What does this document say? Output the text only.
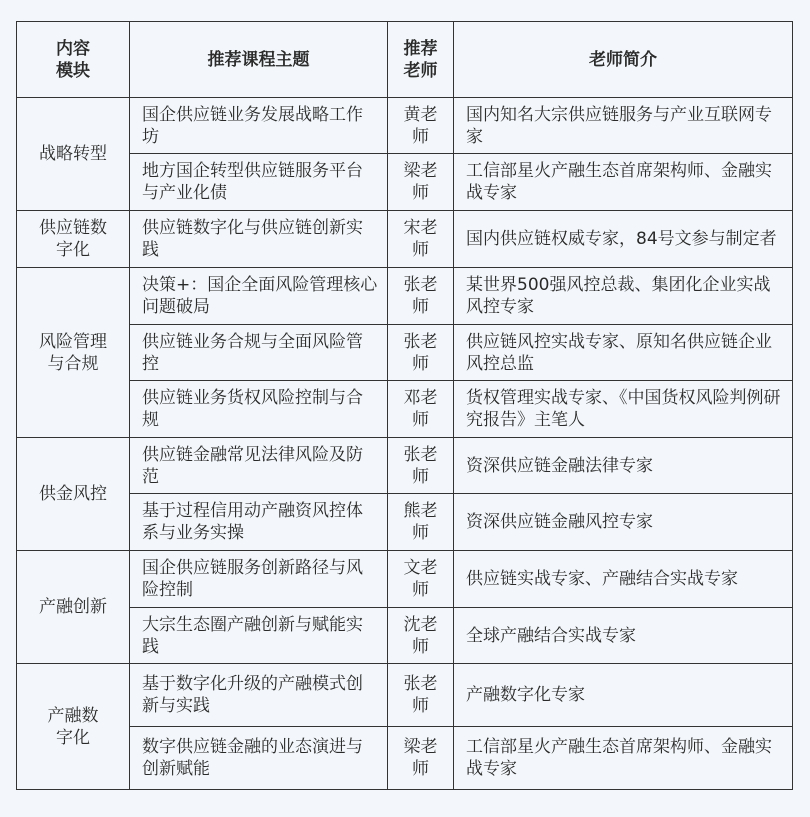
内容模块	推荐课程主题	推荐老师	老师简介
战略转型	国企供应链业务发展战略工作坊	黄老师	国内知名大宗供应链服务与产业互联网专家
	地方国企转型供应链服务平台与产业化债	梁老师	工信部星火产融生态首席架构师、金融实战专家
供应链数字化	供应链数字化与供应链创新实践	宋老师	国内供应链权威专家，84号文参与制定者
风险管理与合规	决策+：国企全面风险管理核心问题破局	张老师	某世界500强风控总裁、集团化企业实战风控专家
	供应链业务合规与全面风险管控	张老师	供应链风控实战专家、原知名供应链企业风控总监
	供应链业务货权风险控制与合规	邓老师	货权管理实战专家、《中国货权风险判例研究报告》主笔人
供金风控	供应链金融常见法律风险及防范	张老师	资深供应链金融法律专家
	基于过程信用动产融资风控体系与业务实操	熊老师	资深供应链金融风控专家
产融创新	国企供应链服务创新路径与风险控制	文老师	供应链实战专家、产融结合实战专家
	大宗生态圈产融创新与赋能实践	沈老师	全球产融结合实战专家
产融数字化	基于数字化升级的产融模式创新与实践	张老师	产融数字化专家
	数字供应链金融的业态演进与创新赋能	梁老师	工信部星火产融生态首席架构师、金融实战专家
